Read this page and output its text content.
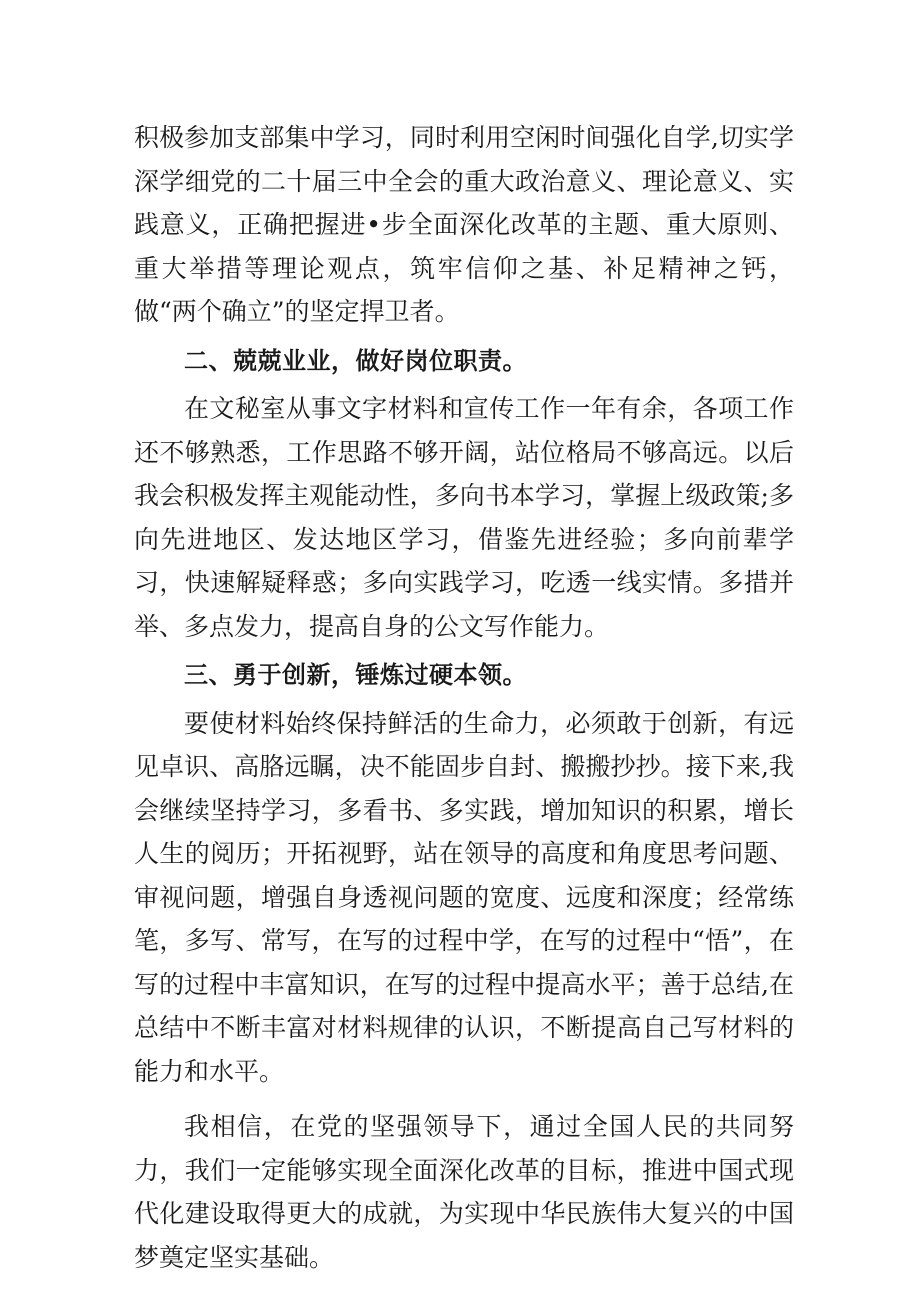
积极参加支部集中学习，同时利用空闲时间强化自学,切实学深学细党的二十届三中全会的重大政治意义、理论意义、实践意义，正确把握进•步全面深化改革的主题、重大原则、重大举措等理论观点，筑牢信仰之基、补足精神之钙，做“两个确立”的坚定捍卫者。

二、兢兢业业，做好岗位职责。

在文秘室从事文字材料和宣传工作一年有余，各项工作还不够熟悉，工作思路不够开阔，站位格局不够高远。以后我会积极发挥主观能动性，多向书本学习，掌握上级政策;多向先进地区、发达地区学习，借鉴先进经验；多向前辈学习，快速解疑释惑；多向实践学习，吃透一线实情。多措并举、多点发力，提高自身的公文写作能力。

三、勇于创新，锤炼过硬本领。

要使材料始终保持鲜活的生命力，必须敢于创新，有远见卓识、高胳远瞩，决不能固步自封、搬搬抄抄。接下来,我会继续坚持学习，多看书、多实践，增加知识的积累，增长人生的阅历；开拓视野，站在领导的高度和角度思考问题、审视问题，增强自身透视问题的宽度、远度和深度；经常练笔，多写、常写，在写的过程中学，在写的过程中“悟”，在写的过程中丰富知识，在写的过程中提高水平；善于总结,在总结中不断丰富对材料规律的认识，不断提高自己写材料的能力和水平。

我相信，在党的坚强领导下，通过全国人民的共同努力，我们一定能够实现全面深化改革的目标，推进中国式现代化建设取得更大的成就，为实现中华民族伟大复兴的中国梦奠定坚实基础。
